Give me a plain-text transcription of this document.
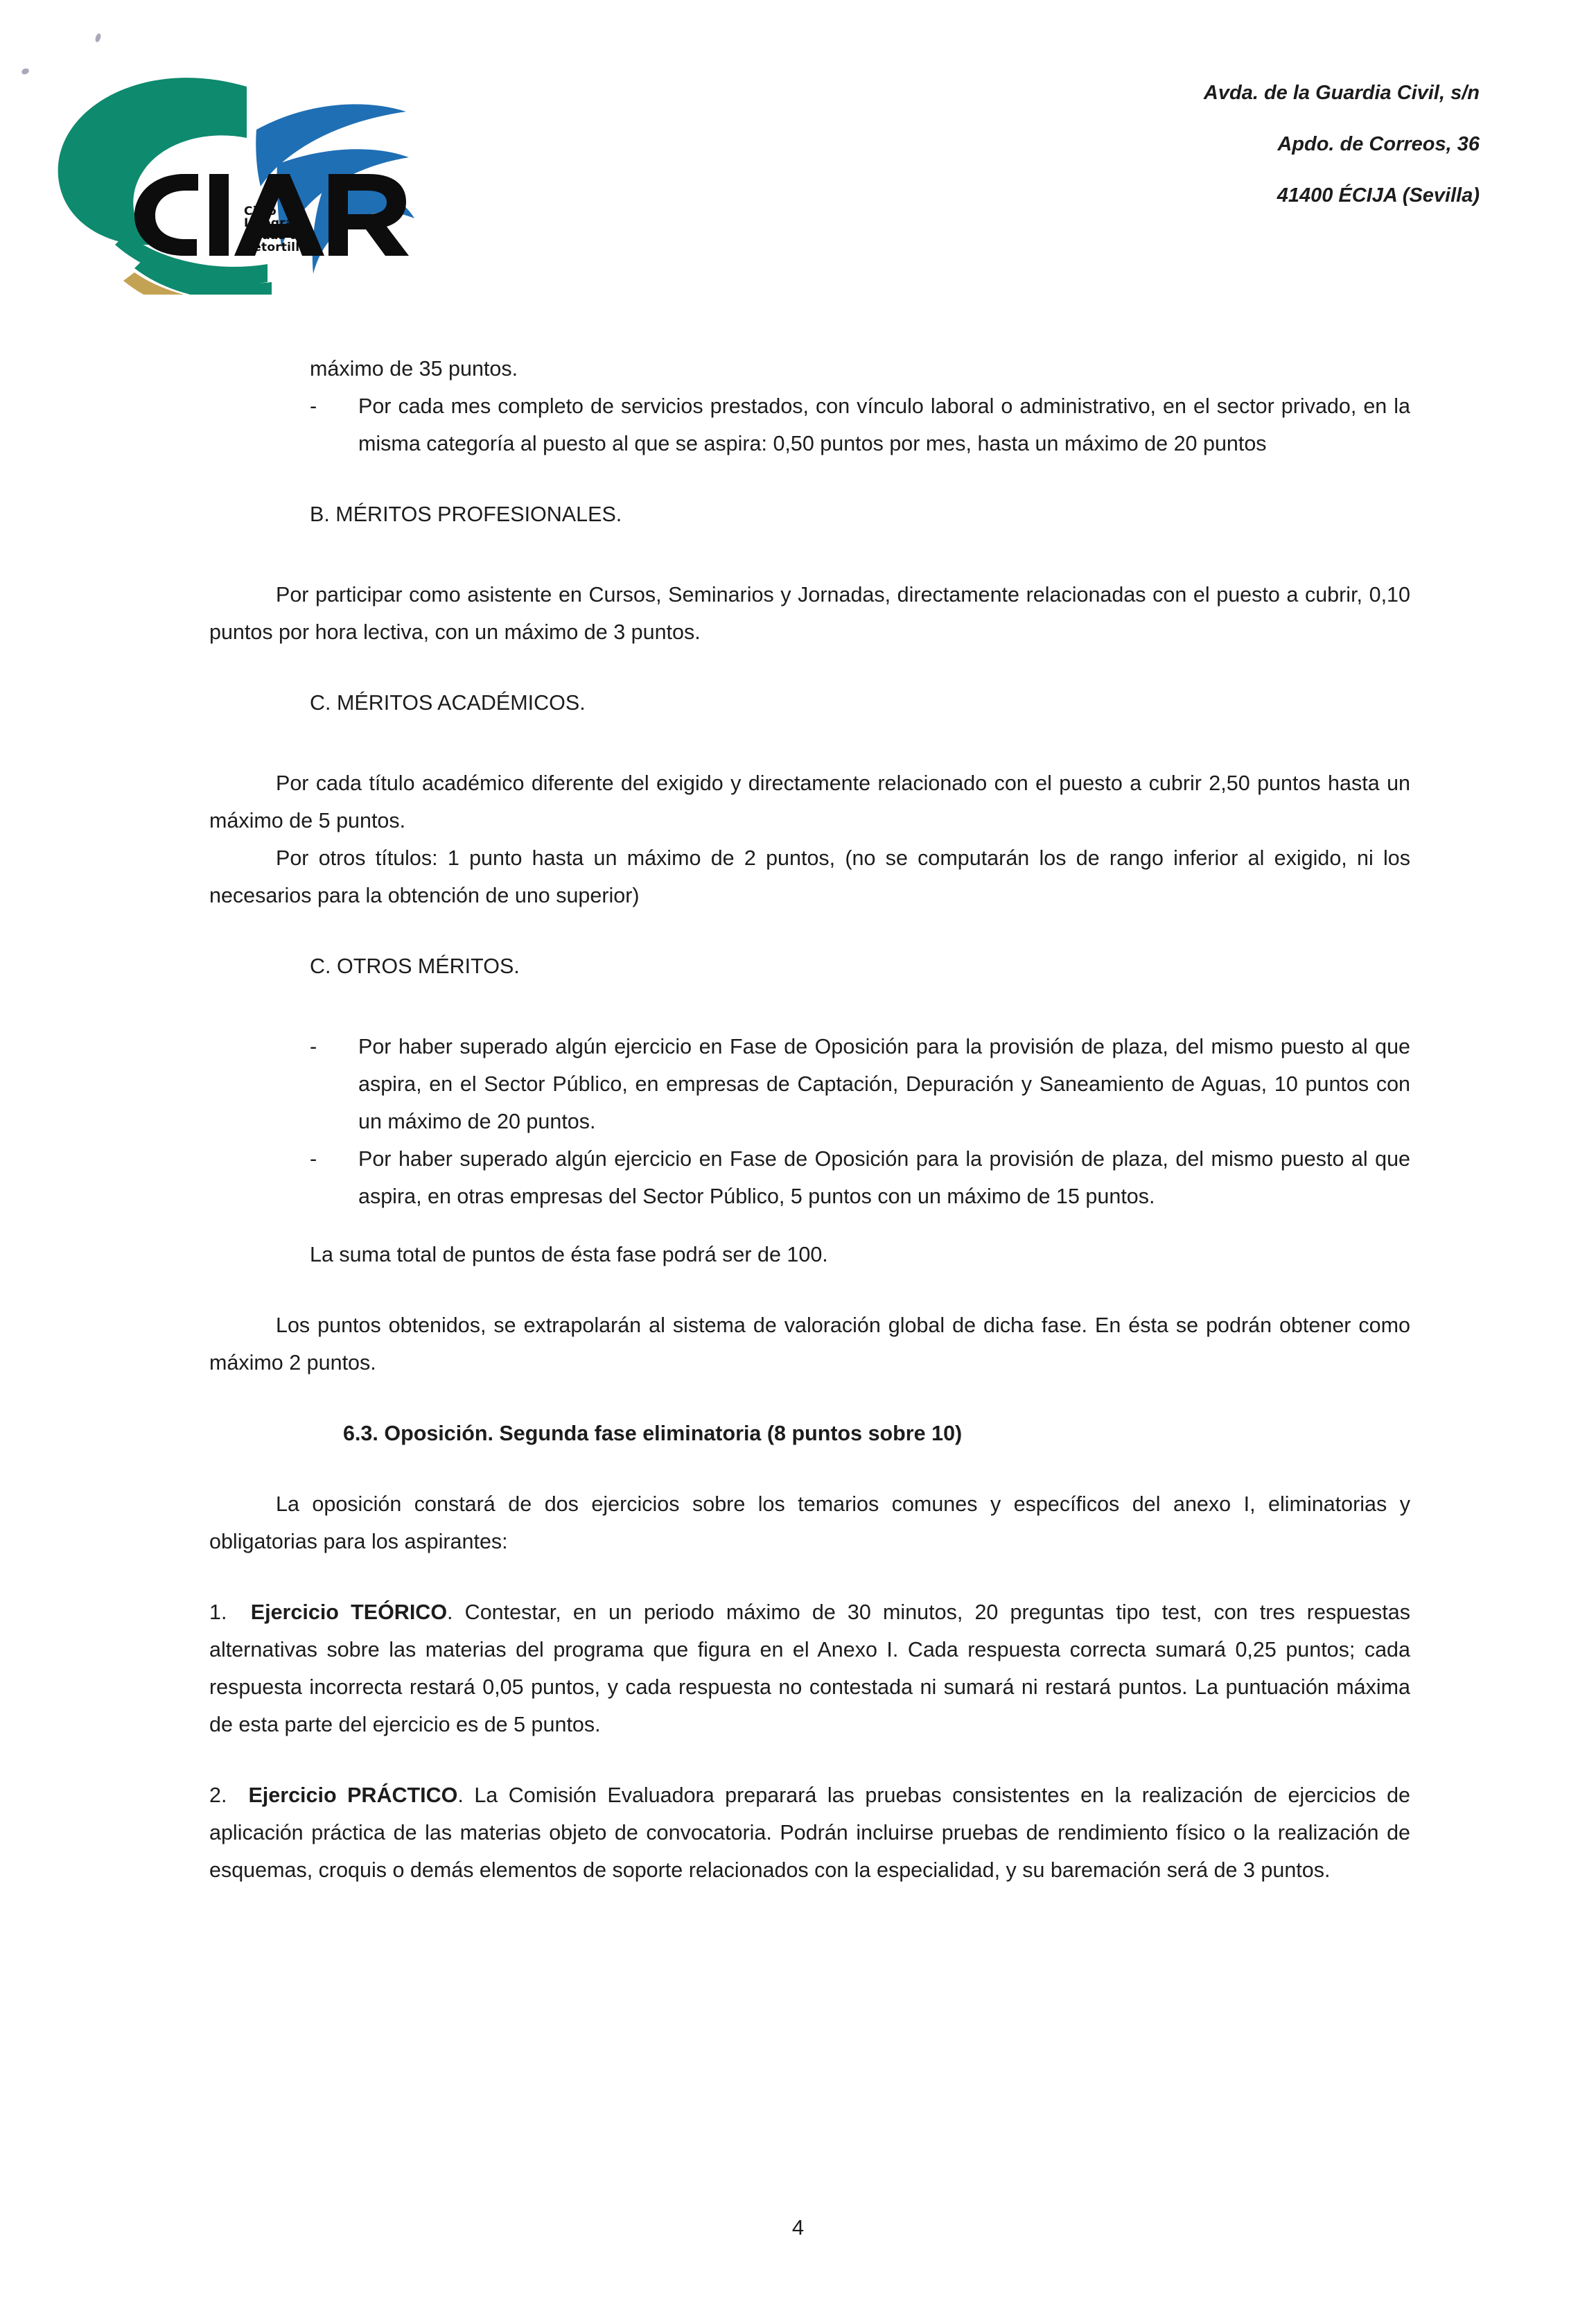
Ciclo
Integral
Aguas del
Retortillo
Avda. de la Guardia Civil, s/n
Apdo. de Correos, 36
41400 ÉCIJA (Sevilla)
máximo de 35 puntos.
-	Por cada mes completo de servicios prestados, con vínculo laboral o administrativo, en el sector privado, en la misma categoría al puesto al que se aspira: 0,50 puntos por mes, hasta un máximo de 20 puntos
B. MÉRITOS PROFESIONALES.
Por participar como asistente en Cursos, Seminarios y Jornadas, directamente relacionadas con el puesto a cubrir, 0,10 puntos por hora lectiva, con un máximo de 3 puntos.
C. MÉRITOS ACADÉMICOS.
Por cada título académico diferente del exigido y directamente relacionado con el puesto a cubrir 2,50 puntos hasta un máximo de 5 puntos.
Por otros títulos: 1 punto hasta un máximo de 2 puntos, (no se computarán los de rango inferior al exigido, ni los necesarios para la obtención de uno superior)
C. OTROS MÉRITOS.
-	Por haber superado algún ejercicio en Fase de Oposición para la provisión de plaza, del mismo puesto al que aspira, en el Sector Público, en empresas de Captación, Depuración y Saneamiento de Aguas, 10 puntos con un máximo de 20 puntos.
-	Por haber superado algún ejercicio en Fase de Oposición para la provisión de plaza, del mismo puesto al que aspira, en otras empresas del Sector Público, 5 puntos con un máximo de 15 puntos.
La suma total de puntos de ésta fase podrá ser de 100.
Los puntos obtenidos, se extrapolarán al sistema de valoración global de dicha fase. En ésta se podrán obtener como máximo 2 puntos.
6.3. Oposición. Segunda fase eliminatoria (8 puntos sobre 10)
La oposición constará de dos ejercicios sobre los temarios comunes y específicos del anexo I, eliminatorias y obligatorias para los aspirantes:
1. Ejercicio TEÓRICO. Contestar, en un periodo máximo de 30 minutos, 20 preguntas tipo test, con tres respuestas alternativas sobre las materias del programa que figura en el Anexo I. Cada respuesta correcta sumará 0,25 puntos; cada respuesta incorrecta restará 0,05 puntos, y cada respuesta no contestada ni sumará ni restará puntos. La puntuación máxima de esta parte del ejercicio es de 5 puntos.
2. Ejercicio PRÁCTICO. La Comisión Evaluadora preparará las pruebas consistentes en la realización de ejercicios de aplicación práctica de las materias objeto de convocatoria. Podrán incluirse pruebas de rendimiento físico o la realización de esquemas, croquis o demás elementos de soporte relacionados con la especialidad, y su baremación será de 3 puntos.
4
